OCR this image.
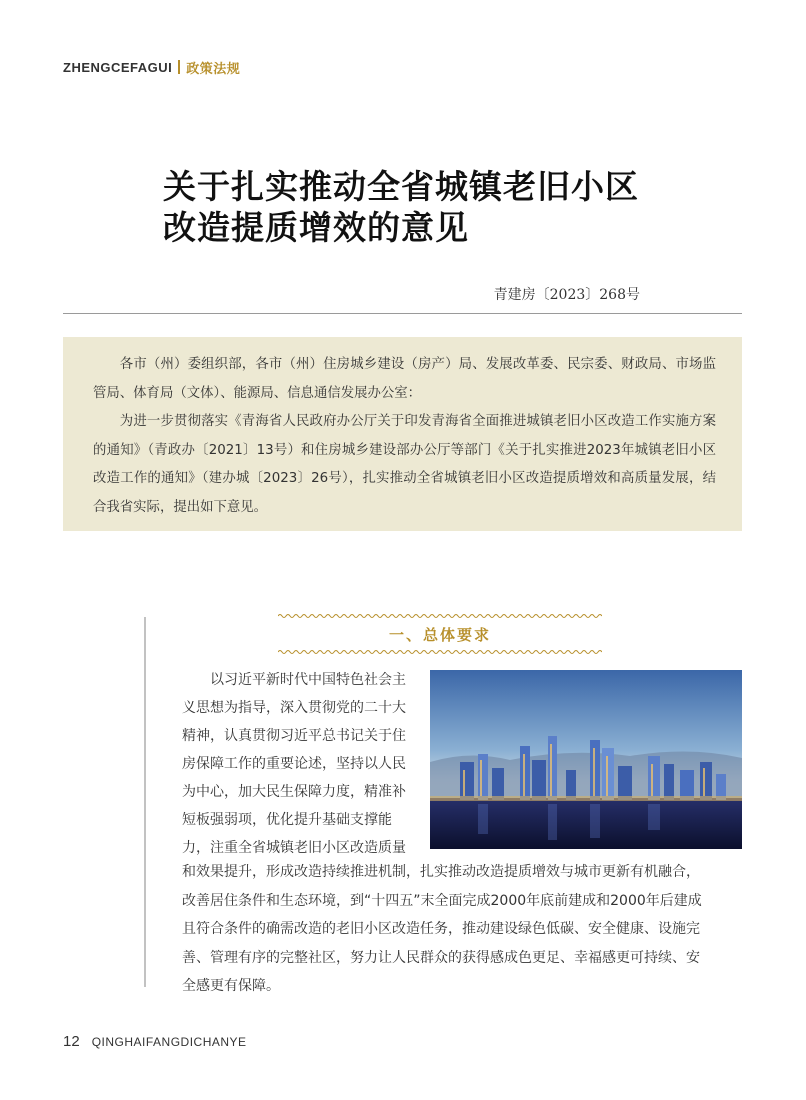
ZHENGCEFAGUI 政策法规
关于扎实推动全省城镇老旧小区
改造提质增效的意见
青建房〔2023〕268号

各市（州）委组织部，各市（州）住房城乡建设（房产）局、发展改革委、民宗委、财政局、市场监管局、体育局（文体）、能源局、信息通信发展办公室：

为进一步贯彻落实《青海省人民政府办公厅关于印发青海省全面推进城镇老旧小区改造工作实施方案的通知》（青政办〔2021〕13号）和住房城乡建设部办公厅等部门《关于扎实推进2023年城镇老旧小区改造工作的通知》（建办城〔2023〕26号），扎实推动全省城镇老旧小区改造提质增效和高质量发展，结合我省实际，提出如下意见。

一、总体要求
　　以习近平新时代中国特色社会主
义思想为指导，深入贯彻党的二十大
精神，认真贯彻习近平总书记关于住
房保障工作的重要论述，坚持以人民
为中心，加大民生保障力度，精准补
短板强弱项，优化提升基础支撑能
力，注重全省城镇老旧小区改造质量
和效果提升，形成改造持续推进机制，扎实推动改造提质增效与城市更新有机融合，
改善居住条件和生态环境，到“十四五”末全面完成2000年底前建成和2000年后建成
且符合条件的确需改造的老旧小区改造任务，推动建设绿色低碳、安全健康、设施完
善、管理有序的完整社区，努力让人民群众的获得感成色更足、幸福感更可持续、安
全感更有保障。
12 QINGHAIFANGDICHANYE
